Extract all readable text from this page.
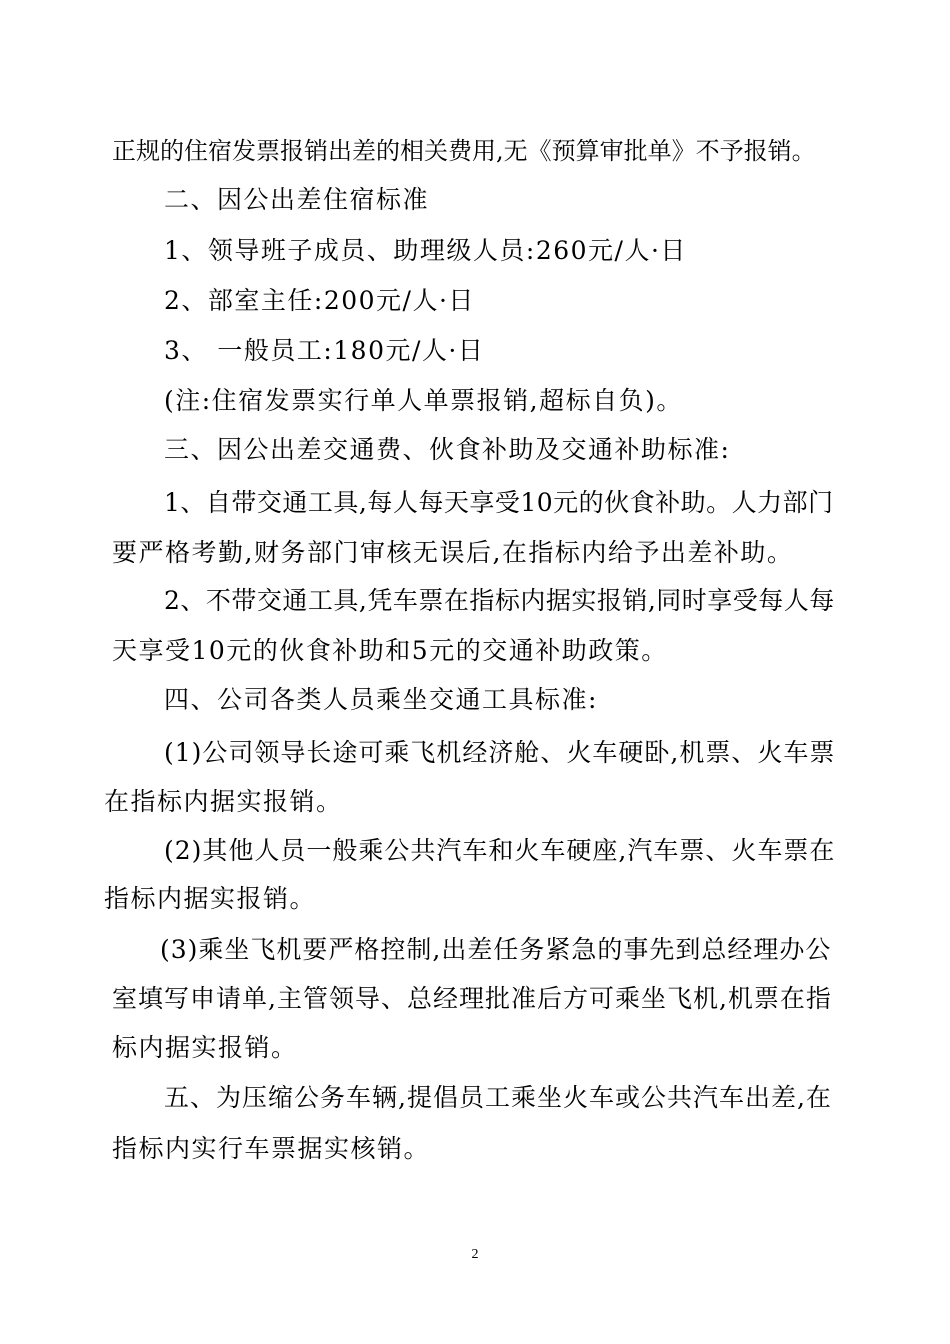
正规的住宿发票报销出差的相关费用,无《预算审批单》不予报销。
二、因公出差住宿标准
1、领导班子成员、助理级人员:260元/人·日
2、部室主任:200元/人·日
3、 一般员工:180元/人·日
(注:住宿发票实行单人单票报销,超标自负)。
三、因公出差交通费、伙食补助及交通补助标准:
1、自带交通工具,每人每天享受10元的伙食补助。人力部门
要严格考勤,财务部门审核无误后,在指标内给予出差补助。
2、不带交通工具,凭车票在指标内据实报销,同时享受每人每
天享受10元的伙食补助和5元的交通补助政策。
四、公司各类人员乘坐交通工具标准:
(1)公司领导长途可乘飞机经济舱、火车硬卧,机票、火车票
在指标内据实报销。
(2)其他人员一般乘公共汽车和火车硬座,汽车票、火车票在
指标内据实报销。
(3)乘坐飞机要严格控制,出差任务紧急的事先到总经理办公
室填写申请单,主管领导、总经理批准后方可乘坐飞机,机票在指
标内据实报销。
五、为压缩公务车辆,提倡员工乘坐火车或公共汽车出差,在
指标内实行车票据实核销。
2
